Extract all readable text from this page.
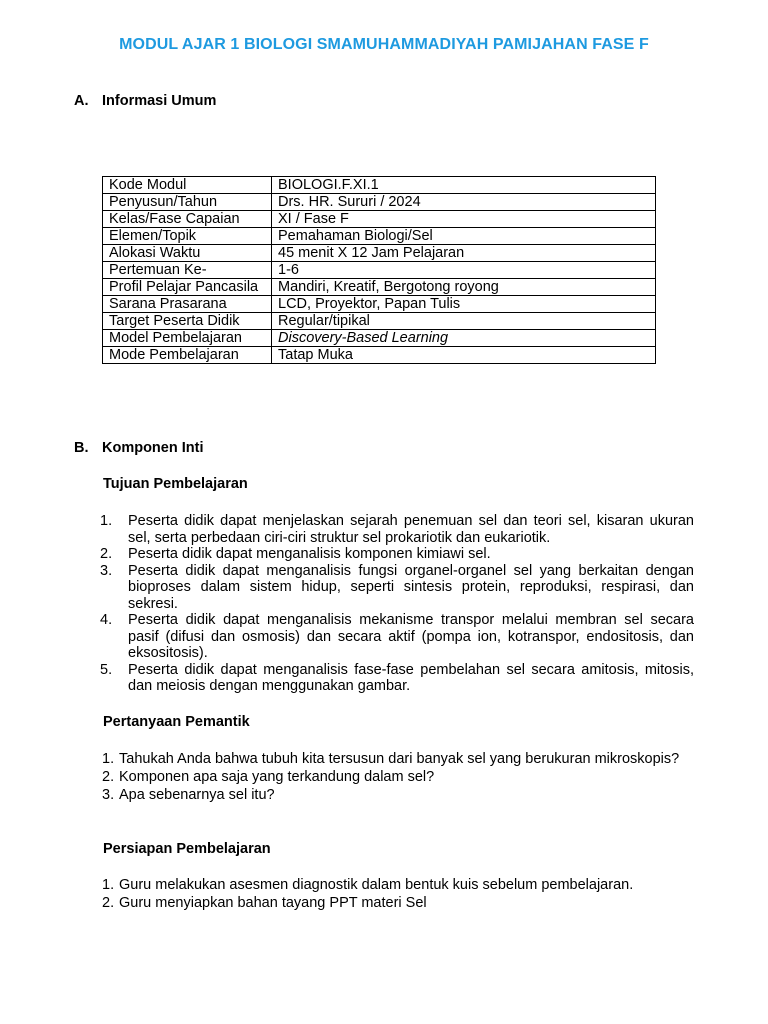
MODUL AJAR 1 BIOLOGI SMAMUHAMMADIYAH PAMIJAHAN FASE F
A. Informasi Umum
Kode Modul	BIOLOGI.F.XI.1
Penyusun/Tahun	Drs. HR. Sururi / 2024
Kelas/Fase Capaian	XI / Fase F
Elemen/Topik	Pemahaman Biologi/Sel
Alokasi Waktu	45 menit X 12 Jam Pelajaran
Pertemuan Ke-	1-6
Profil Pelajar Pancasila	Mandiri, Kreatif, Bergotong royong
Sarana Prasarana	LCD, Proyektor, Papan Tulis
Target Peserta Didik	Regular/tipikal
Model Pembelajaran	Discovery-Based Learning
Mode Pembelajaran	Tatap Muka
B. Komponen Inti
Tujuan Pembelajaran
1. Peserta didik dapat menjelaskan sejarah penemuan sel dan teori sel, kisaran ukuran sel, serta perbedaan ciri-ciri struktur sel prokariotik dan eukariotik.
2. Peserta didik dapat menganalisis komponen kimiawi sel.
3. Peserta didik dapat menganalisis fungsi organel-organel sel yang berkaitan dengan bioproses dalam sistem hidup, seperti sintesis protein, reproduksi, respirasi, dan sekresi.
4. Peserta didik dapat menganalisis mekanisme transpor melalui membran sel secara pasif (difusi dan osmosis) dan secara aktif (pompa ion, kotranspor, endositosis, dan eksositosis).
5. Peserta didik dapat menganalisis fase-fase pembelahan sel secara amitosis, mitosis, dan meiosis dengan menggunakan gambar.
Pertanyaan Pemantik
1. Tahukah Anda bahwa tubuh kita tersusun dari banyak sel yang berukuran mikroskopis?
2. Komponen apa saja yang terkandung dalam sel?
3. Apa sebenarnya sel itu?
Persiapan Pembelajaran
1. Guru melakukan asesmen diagnostik dalam bentuk kuis sebelum pembelajaran.
2. Guru menyiapkan bahan tayang PPT materi Sel
